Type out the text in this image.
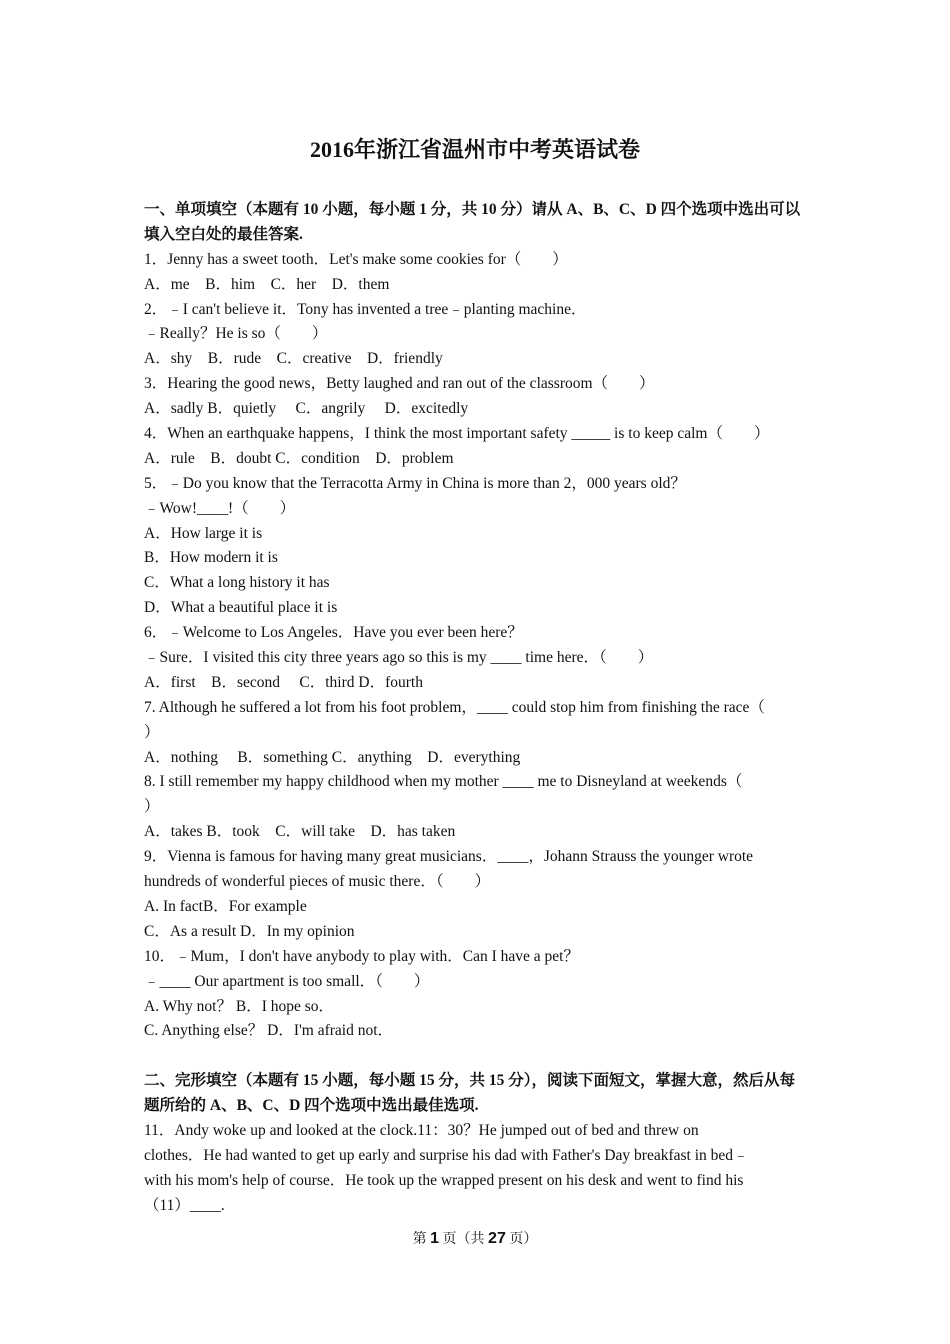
2016年浙江省温州市中考英语试卷
一、单项填空（本题有 10 小题，每小题 1 分，共 10 分）请从 A、B、C、D 四个选项中选出可以
填入空白处的最佳答案.
1．Jenny has a sweet tooth．Let's make some cookies for（　　）
A．me　B．him　C．her　D．them
2．﹣I can't believe it．Tony has invented a tree﹣planting machine．
﹣Really？He is so（　　）
A．shy　B．rude　C．creative　D．friendly
3．Hearing the good news，Betty laughed and ran out of the classroom（　　）
A．sadly B．quietly　 C．angrily　 D．excitedly
4．When an earthquake happens，I think the most important safety _____ is to keep calm（　　）
A．rule　B．doubt C．condition　D．problem
5．﹣Do you know that the Terracotta Army in China is more than 2，000 years old？
﹣Wow!____!（　　）
A．How large it is
B．How modern it is
C．What a long history it has
D．What a beautiful place it is
6．﹣Welcome to Los Angeles．Have you ever been here？
﹣Sure．I visited this city three years ago so this is my ____ time here．（　　）
A．first　B．second　 C．third D．fourth
7. Although he suffered a lot from his foot problem，____ could stop him from finishing the race（
）
A．nothing　 B．something C．anything　D．everything
8. I still remember my happy childhood when my mother ____ me to Disneyland at weekends（
）
A．takes B．took　C．will take　D．has taken
9．Vienna is famous for having many great musicians．____，Johann Strauss the younger wrote
hundreds of wonderful pieces of music there．（　　）
A. In factB．For example
C．As a result D．In my opinion
10．﹣Mum，I don't have anybody to play with．Can I have a pet？
﹣____ Our apartment is too small．（　　）
A. Why not？ B．I hope so．
C. Anything else？ D．I'm afraid not．
二、完形填空（本题有 15 小题，每小题 15 分，共 15 分），阅读下面短文，掌握大意，然后从每
题所给的 A、B、C、D 四个选项中选出最佳选项.
11．Andy woke up and looked at the clock.11：30？He jumped out of bed and threw on
clothes．He had wanted to get up early and surprise his dad with Father's Day breakfast in bed﹣
with his mom's help of course．He took up the wrapped present on his desk and went to find his
（11）____.
第 1 页（共 27 页）
